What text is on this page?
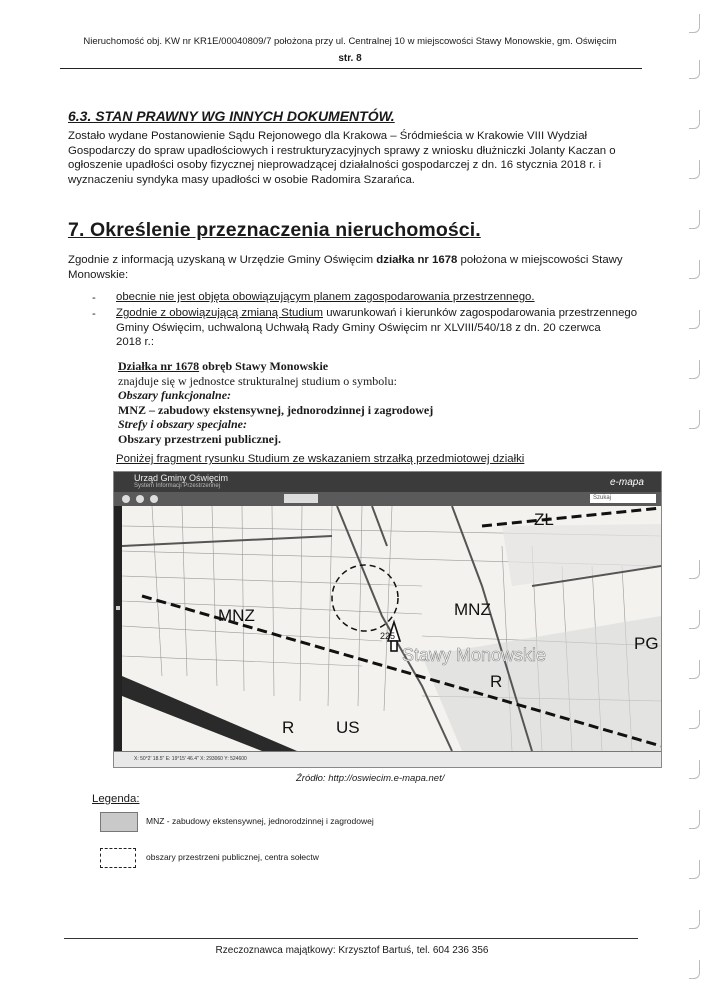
Nieruchomość obj. KW nr KR1E/00040809/7 położona przy ul. Centralnej 10 w miejscowości Stawy Monowskie, gm. Oświęcim
str. 8
6.3. STAN PRAWNY WG INNYCH DOKUMENTÓW.
Zostało wydane Postanowienie Sądu Rejonowego dla Krakowa – Śródmieścia w Krakowie VIII Wydział
Gospodarczy do spraw upadłościowych i restrukturyzacyjnych sprawy z wniosku dłużniczki Jolanty Kaczan o
ogłoszenie upadłości osoby fizycznej nieprowadzącej działalności gospodarczej z dn. 16 stycznia 2018 r. i
wyznaczeniu syndyka masy upadłości w osobie Radomira Szarańca.
7. Określenie przeznaczenia nieruchomości.
Zgodnie z informacją uzyskaną w Urzędzie Gminy Oświęcim działka nr 1678 położona w miejscowości Stawy
Monowskie:
- obecnie nie jest objęta obowiązującym planem zagospodarowania przestrzennego.
- Zgodnie z obowiązującą zmianą Studium uwarunkowań i kierunków zagospodarowania przestrzennego
Gminy Oświęcim, uchwaloną Uchwałą Rady Gminy Oświęcim nr XLVIII/540/18 z dn. 20 czerwca
2018 r.:
Działka nr 1678 obręb Stawy Monowskie
znajduje się w jednostce strukturalnej studium o symbolu:
Obszary funkcjonalne:
MNZ – zabudowy ekstensywnej, jednorodzinnej i zagrodowej
Strefy i obszary specjalne:
Obszary przestrzeni publicznej.
Poniżej fragment rysunku Studium ze wskazaniem strzałką przedmiotowej działki
Urząd Gminy Oświęcim
System Informacji Przestrzennej	e-mapa
Szukaj
Stawy Monowskie
ZŁ
MNZ	MNZ
PG
R
R US
225
X: 50°2' 18.5" E: 19°15' 46.4" X: 293060 Y: 524600
Źródło: http://oswiecim.e-mapa.net/
Legenda:
MNZ - zabudowy ekstensywnej, jednorodzinnej i zagrodowej
obszary przestrzeni publicznej, centra sołectw
Rzeczoznawca majątkowy: Krzysztof Bartuś, tel. 604 236 356
